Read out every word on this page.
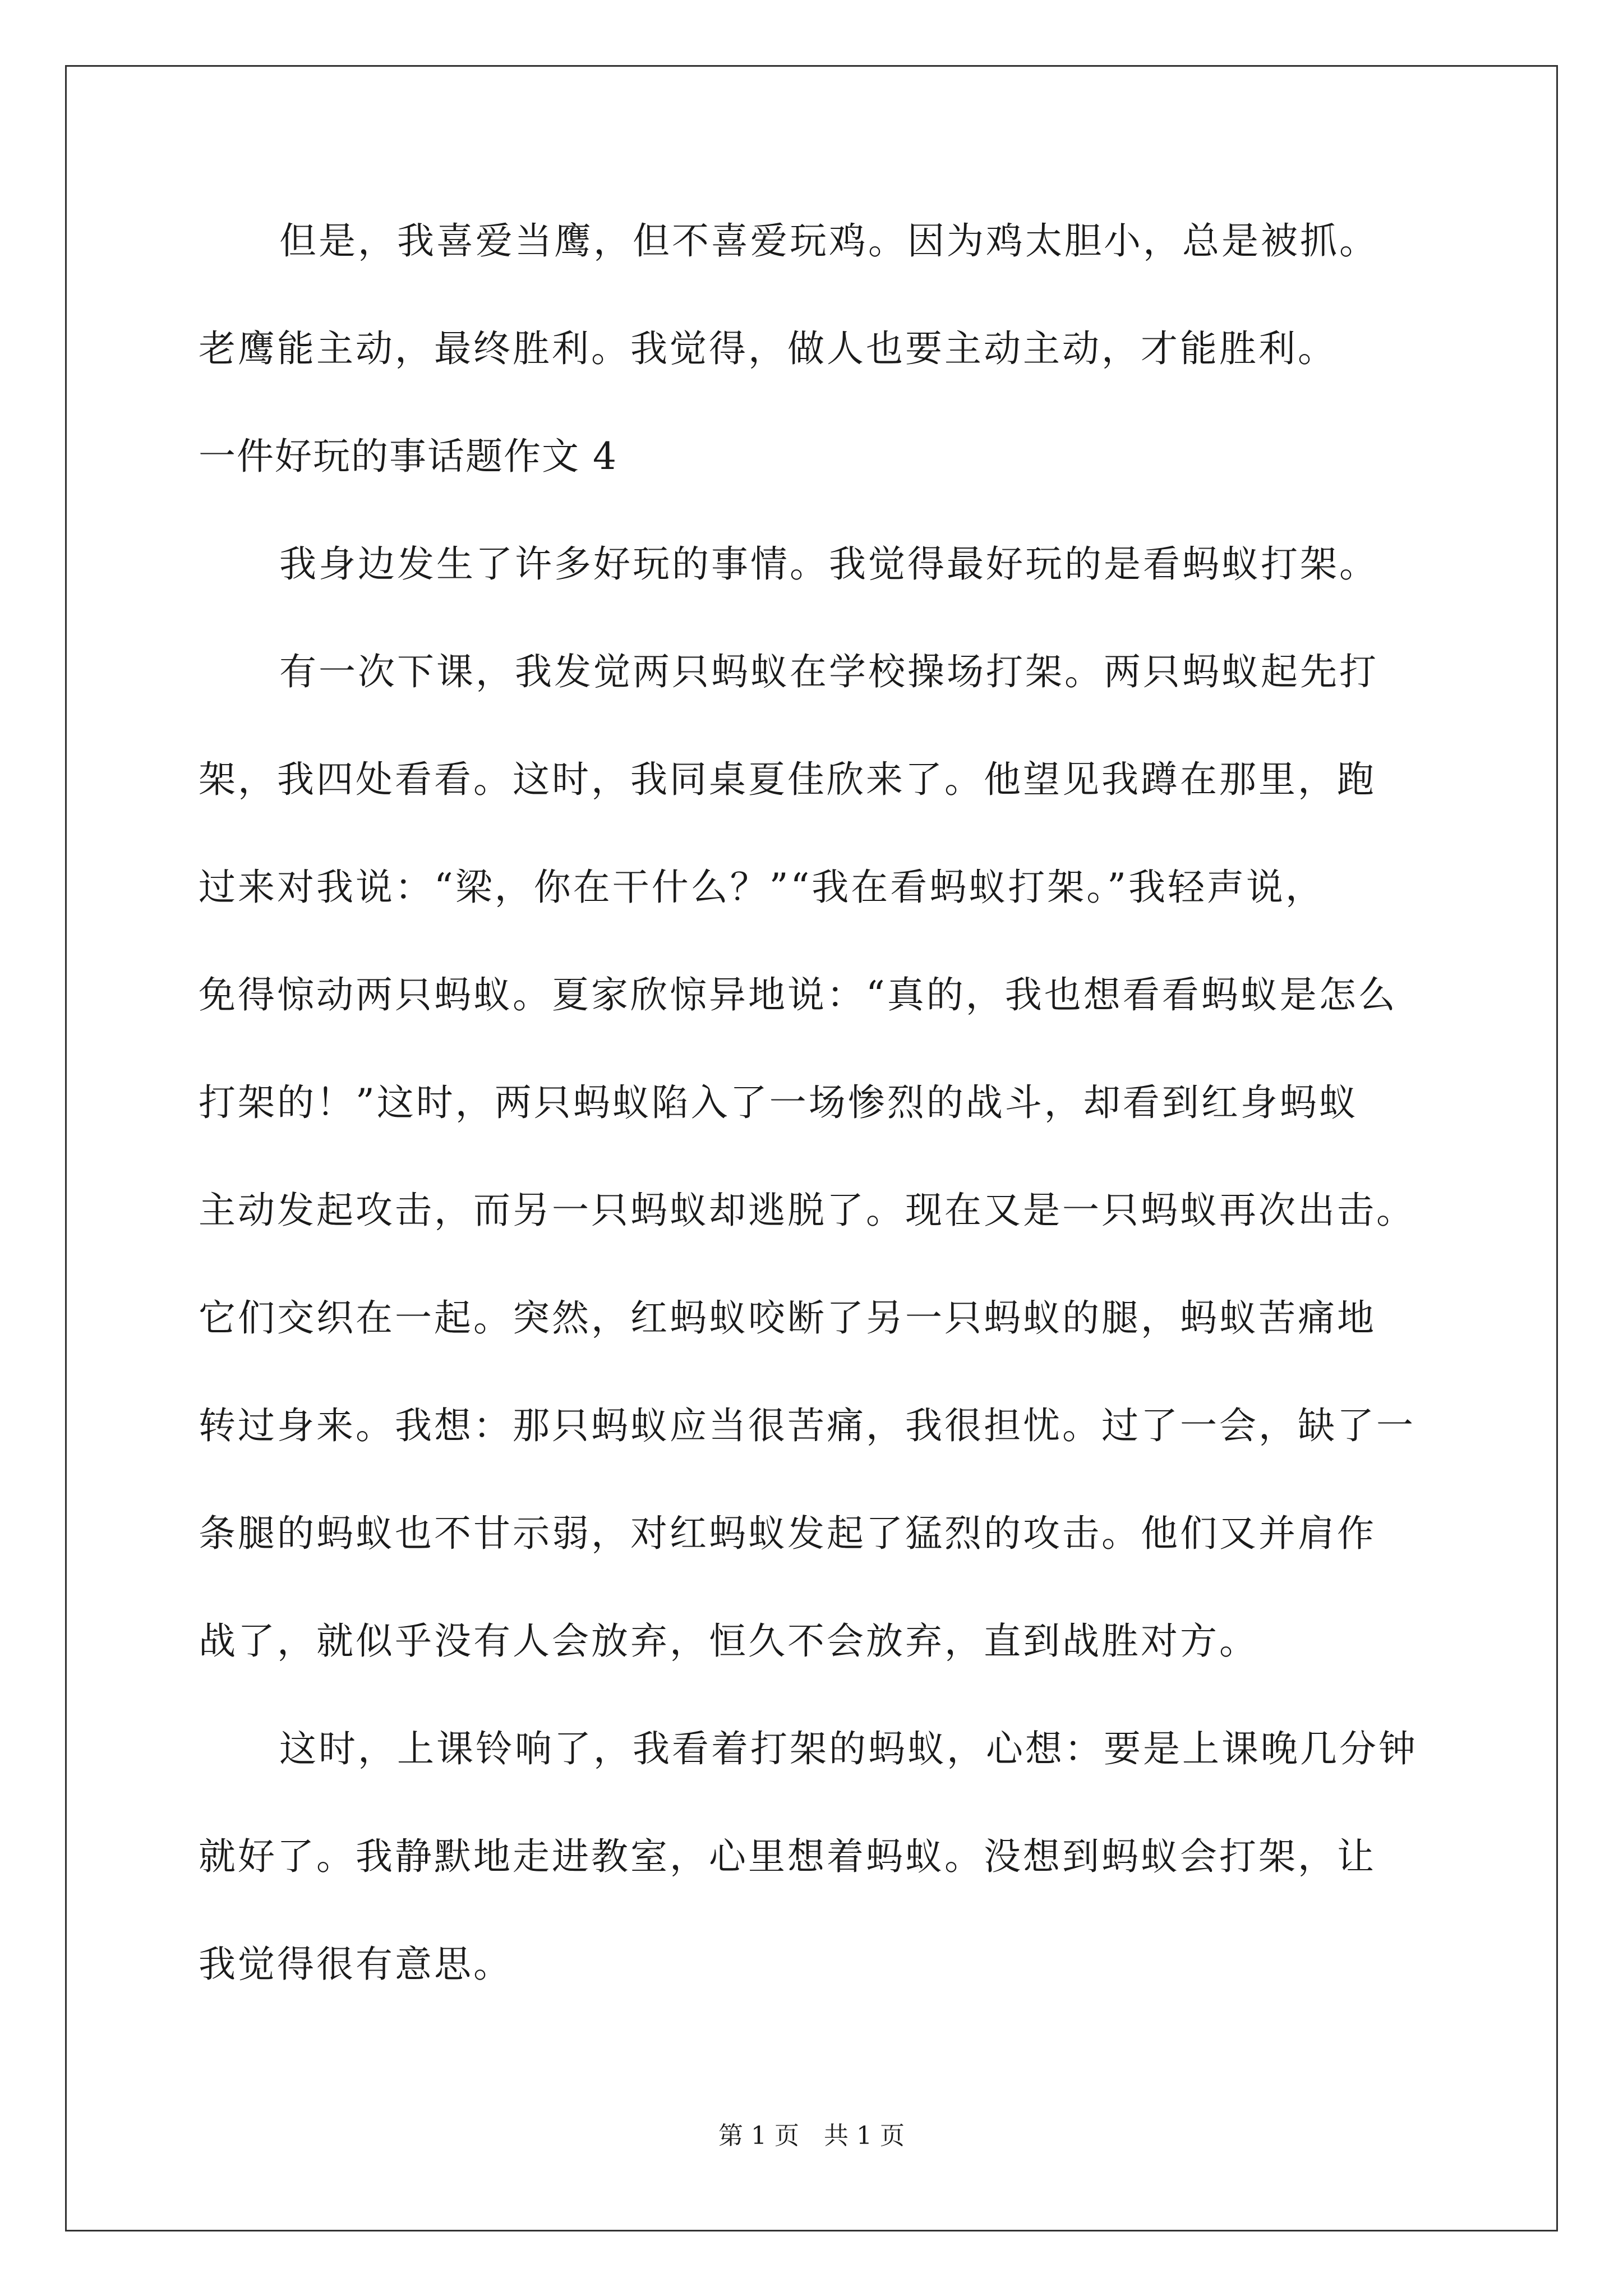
但是，我喜爱当鹰，但不喜爱玩鸡。因为鸡太胆小，总是被抓。
老鹰能主动，最终胜利。我觉得，做人也要主动主动，才能胜利。
一件好玩的事话题作文 4
我身边发生了许多好玩的事情。我觉得最好玩的是看蚂蚁打架。
有一次下课，我发觉两只蚂蚁在学校操场打架。两只蚂蚁起先打
架，我四处看看。这时，我同桌夏佳欣来了。他望见我蹲在那里，跑
过来对我说：“梁，你在干什么？”“我在看蚂蚁打架。”我轻声说，
免得惊动两只蚂蚁。夏家欣惊异地说：“真的，我也想看看蚂蚁是怎么
打架的！”这时，两只蚂蚁陷入了一场惨烈的战斗，却看到红身蚂蚁
主动发起攻击，而另一只蚂蚁却逃脱了。现在又是一只蚂蚁再次出击。
它们交织在一起。突然，红蚂蚁咬断了另一只蚂蚁的腿，蚂蚁苦痛地
转过身来。我想：那只蚂蚁应当很苦痛，我很担忧。过了一会，缺了一
条腿的蚂蚁也不甘示弱，对红蚂蚁发起了猛烈的攻击。他们又并肩作
战了，就似乎没有人会放弃，恒久不会放弃，直到战胜对方。
这时，上课铃响了，我看着打架的蚂蚁，心想：要是上课晚几分钟
就好了。我静默地走进教室，心里想着蚂蚁。没想到蚂蚁会打架，让
我觉得很有意思。
第 1 页　共 1 页
